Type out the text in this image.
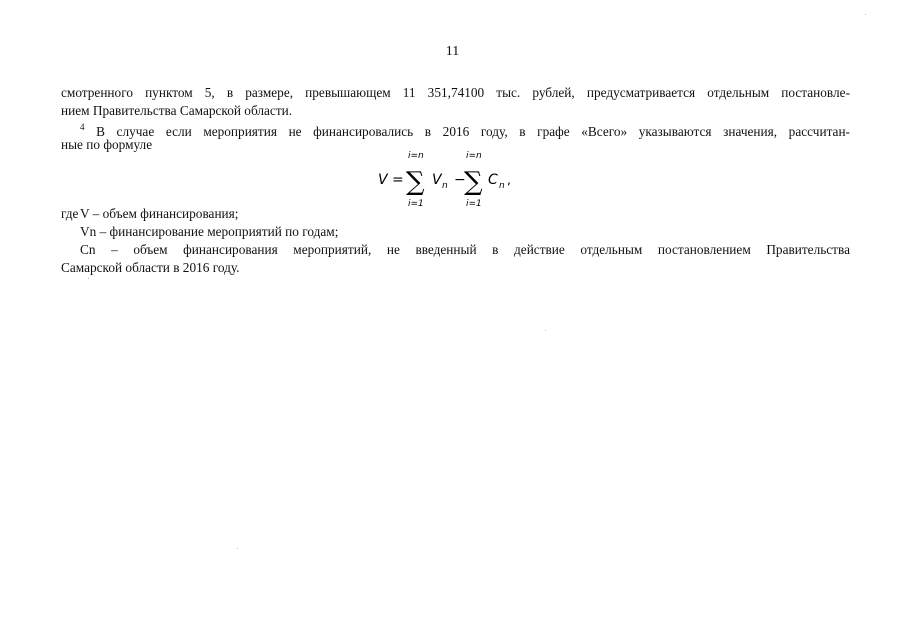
11
смотренного пунктом 5, в размере, превышающем 11 351,74100 тыс. рублей, предусматривается отдельным постановле-
нием Правительства Самарской области.
$^4$ В случае если мероприятия не финансировались в 2016 году, в графе «Всего» указываются значения, рассчитан-
ные по формуле
V =
i=n
∑
i=1
V n −
i=n
∑
i=1
C n ,
где V – объем финансирования;
Vn – финансирование мероприятий по годам;
Cn – объем финансирования мероприятий, не введенный в действие отдельным постановлением Правительства
Самарской области в 2016 году.
